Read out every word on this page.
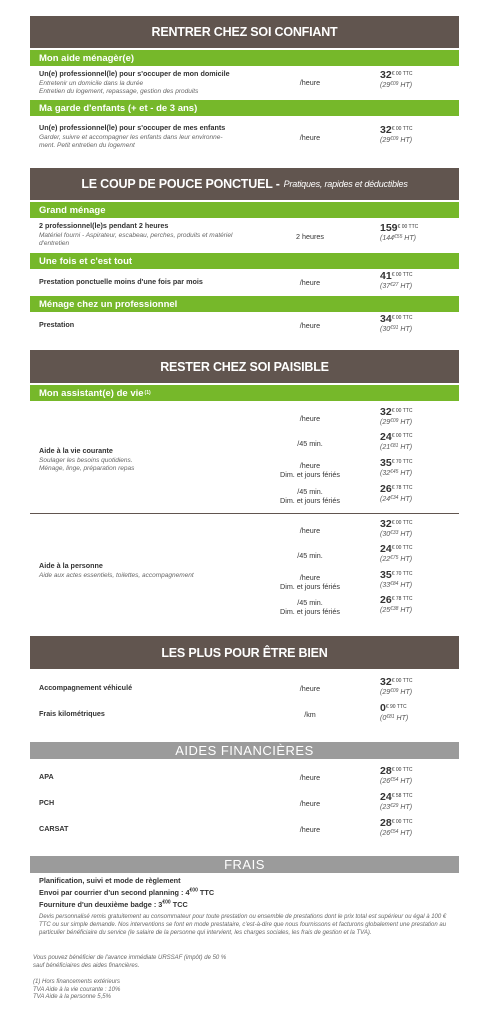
RENTRER CHEZ SOI CONFIANT
Mon aide ménagèr(e)
Un(e) professionnel(le) pour s'occuper de mon domicile
Entretenir un domicile dans la durée
Entretien du logement, repassage, gestion des produits
/heure
$32^{€ 00 TTC}$
($29^{€09}$ HT)
Ma garde d'enfants (+ et - de 3 ans)
Un(e) professionnel(le) pour s'occuper de mes enfants
Garder, suivre et accompagner les enfants dans leur environne-
ment. Petit entretien du logement
/heure
$32^{€ 00 TTC}$
($29^{€09}$ HT)
LE COUP DE POUCE PONCTUEL - Pratiques, rapides et déductibles
Grand ménage
2 professionnel(le)s pendant 2 heures
Matériel fourni - Aspirateur, escabeau, perches, produits et matériel
d'entretien
2 heures
$159^{€ 00 TTC}$
($144^{€55}$ HT)
Une fois et c'est tout
Prestation ponctuelle moins d'une fois par mois	/heure
$41^{€ 00 TTC}$
($37^{€27}$ HT)
Ménage chez un professionnel
Prestation	/heure
$34^{€ 00 TTC}$
($30^{€91}$ HT)
RESTER CHEZ SOI PAISIBLE
Mon assistant(e) de vie (1)
Aide à la vie courante
Soulager les besoins quotidiens.
Ménage, linge, préparation repas
/heure
$32^{€ 00 TTC}$
($29^{€09}$ HT)
/45 min.
$24^{€ 00 TTC}$
($21^{€81}$ HT)
/heure
Dim. et jours fériés
$35^{€ 70 TTC}$
($32^{€45}$ HT)
/45 min.
Dim. et jours fériés
$26^{€ 78 TTC}$
($24^{€34}$ HT)
Aide à la personne
Aide aux actes essentiels, toilettes, accompagnement
/heure
$32^{€ 00 TTC}$
($30^{€33}$ HT)
/45 min.
$24^{€ 00 TTC}$
($22^{€75}$ HT)
/heure
Dim. et jours fériés
$35^{€ 70 TTC}$
($33^{€84}$ HT)
/45 min.
Dim. et jours fériés
$26^{€ 78 TTC}$
($25^{€38}$ HT)
LES PLUS POUR ÊTRE BIEN
Accompagnement véhiculé	/heure
$32^{€ 00 TTC}$
($29^{€09}$ HT)
Frais kilométriques	/km
$0^{€ 90 TTC}$
($0^{€81}$ HT)
AIDES FINANCIÈRES
APA	/heure
$28^{€ 00 TTC}$
($26^{€54}$ HT)
PCH	/heure
$24^{€ 58 TTC}$
($23^{€29}$ HT)
CARSAT	/heure
$28^{€ 00 TTC}$
($26^{€54}$ HT)
FRAIS
Planification, suivi et mode de règlement
Envoi par courrier d'un second planning : $4^{€00}$ TTC
Fourniture d'un deuxième badge : $3^{€00}$ TCC
Devis personnalisé remis gratuitement au consommateur pour toute prestation ou ensemble de prestations dont le prix total est supérieur ou égal à 100 € TTC ou sur simple demande. Nos interventions se font en mode prestataire, c'est-à-dire que nous fournissons et facturons globalement une prestation au particulier bénéficiaire du service (le salaire de la personne qui intervient, les charges sociales, les frais de gestion et la TVA).
Vous pouvez bénéficier de l'avance immédiate URSSAF (impôt) de 50 %
sauf bénéficiaires des aides financières.
(1) Hors financements extérieurs
TVA Aide à la vie courante : 10%
TVA Aide à la personne 5,5%
